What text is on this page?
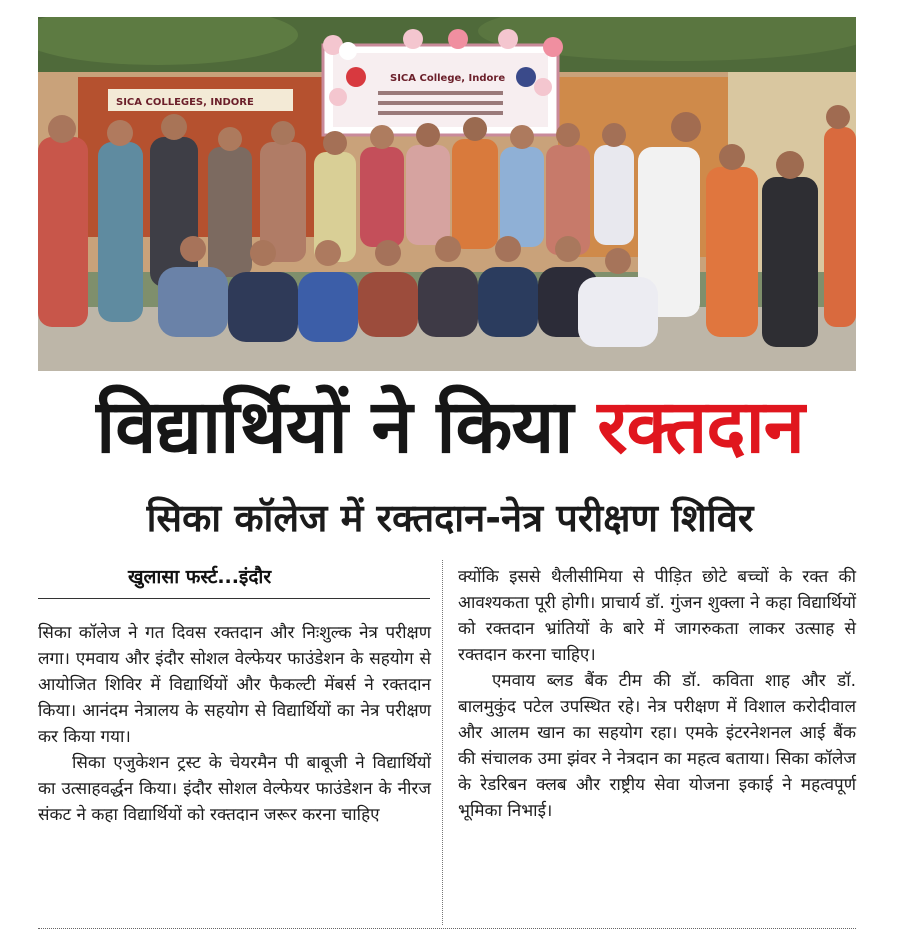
SICA COLLEGES, INDORE
SICA College, Indore
विद्यार्थियों ने किया रक्तदान
सिका कॉलेज में रक्तदान-नेत्र परीक्षण शिविर
खुलासा फर्स्ट...इंदौर

सिका कॉलेज ने गत दिवस रक्तदान और निःशुल्क नेत्र परीक्षण लगा। एमवाय और इंदौर सोशल वेल्फेयर फाउंडेशन के सहयोग से आयोजित शिविर में विद्यार्थियों और फैकल्टी मेंबर्स ने रक्तदान किया। आनंदम नेत्रालय के सहयोग से विद्यार्थियों का नेत्र परीक्षण कर किया गया।

सिका एजुकेशन ट्रस्ट के चेयरमैन पी बाबूजी ने विद्यार्थियों का उत्साहवर्द्धन किया। इंदौर सोशल वेल्फेयर फाउंडेशन के नीरज संकट ने कहा विद्यार्थियों को रक्तदान जरूर करना चाहिए

क्योंकि इससे थैलीसीमिया से पीड़ित छोटे बच्चों के रक्त की आवश्यकता पूरी होगी। प्राचार्य डॉ. गुंजन शुक्ला ने कहा विद्यार्थियों को रक्तदान भ्रांतियों के बारे में जागरुकता लाकर उत्साह से रक्तदान करना चाहिए।

एमवाय ब्लड बैंक टीम की डॉ. कविता शाह और डॉ. बालमुकुंद पटेल उपस्थित रहे। नेत्र परीक्षण में विशाल करोदीवाल और आलम खान का सहयोग रहा। एमके इंटरनेशनल आई बैंक की संचालक उमा झंवर ने नेत्रदान का महत्व बताया। सिका कॉलेज के रेडरिबन क्लब और राष्ट्रीय सेवा योजना इकाई ने महत्वपूर्ण भूमिका निभाई।
